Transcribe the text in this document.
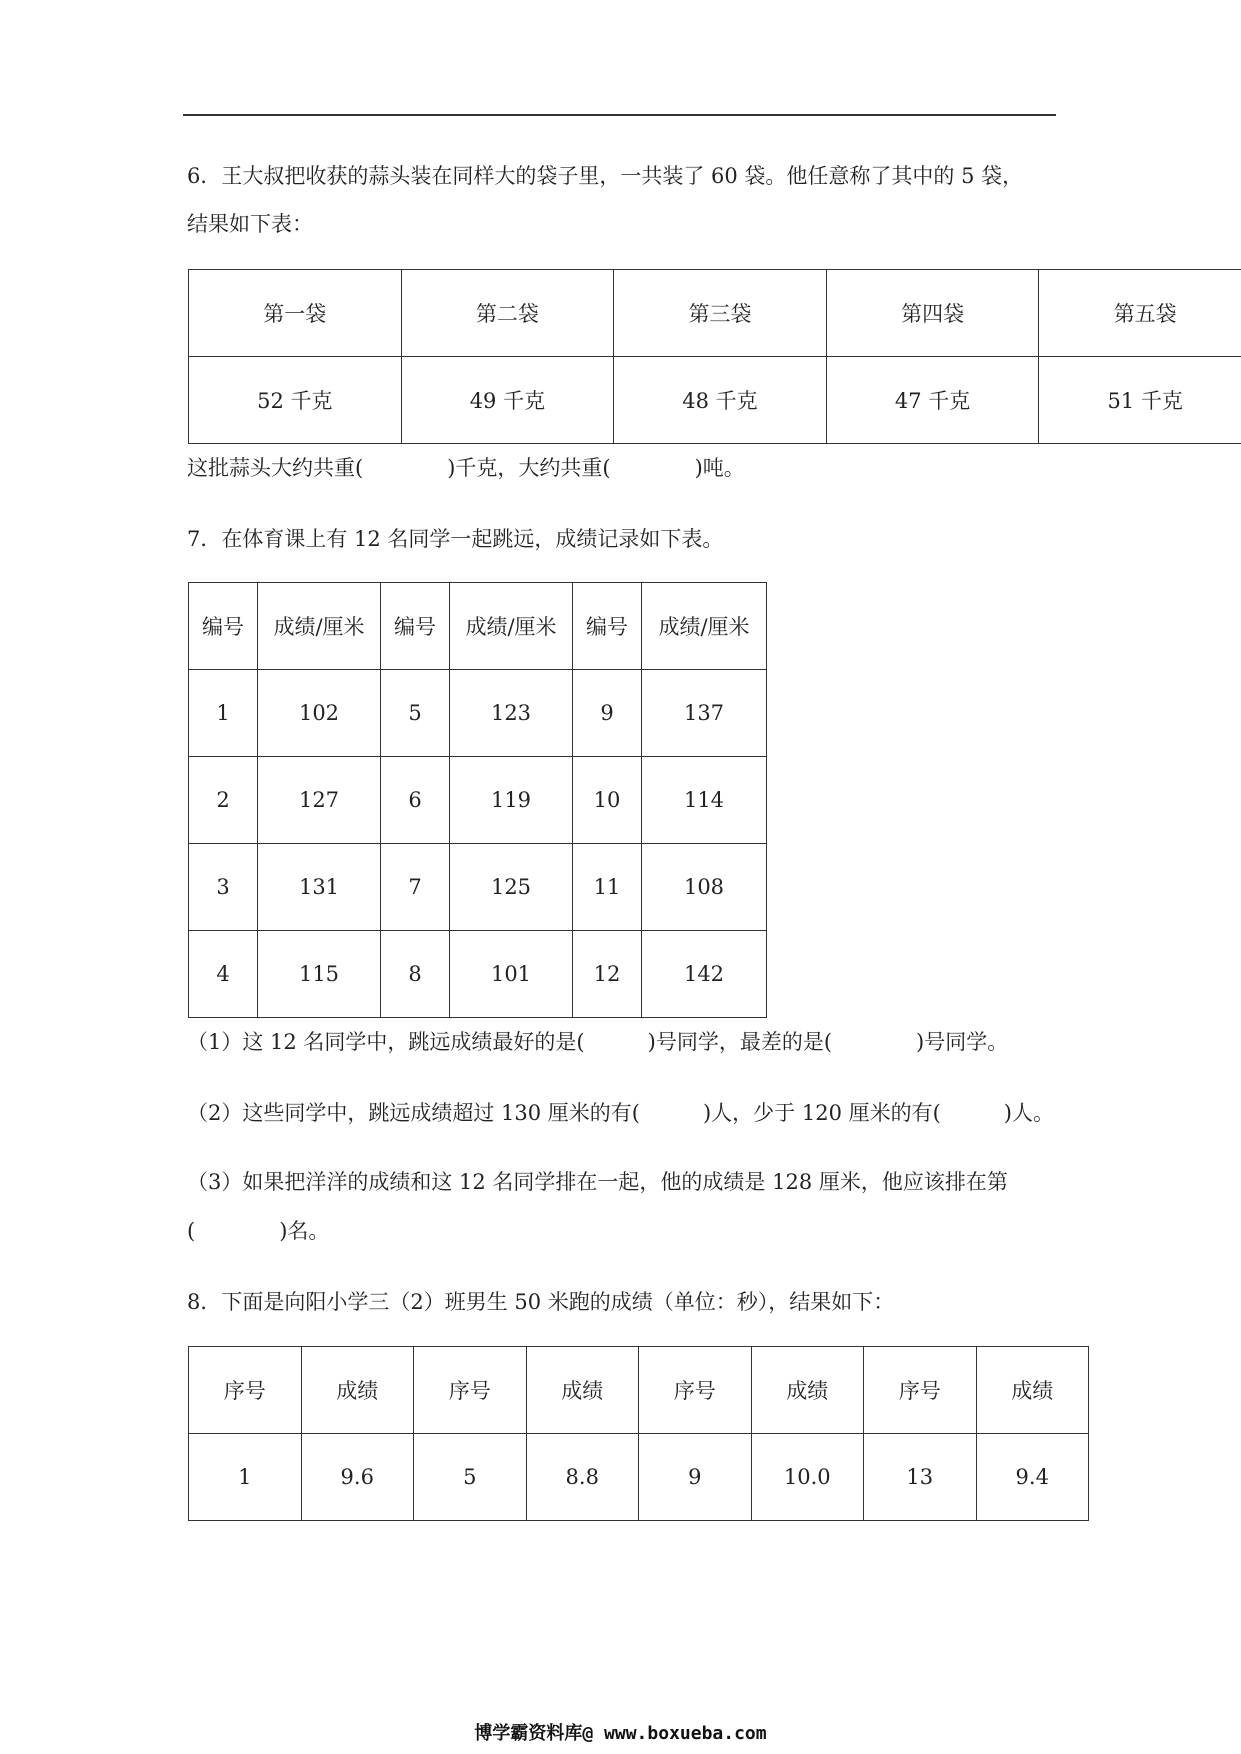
6．王大叔把收获的蒜头装在同样大的袋子里，一共装了 60 袋。他任意称了其中的 5 袋，
结果如下表：
第一袋	第二袋	第三袋	第四袋	第五袋
52 千克	49 千克	48 千克	47 千克	51 千克
这批蒜头大约共重(　　　　)千克，大约共重(　　　　)吨。
7．在体育课上有 12 名同学一起跳远，成绩记录如下表。
编号	成绩/厘米	编号	成绩/厘米	编号	成绩/厘米
1	102	5	123	9	137
2	127	6	119	10	114
3	131	7	125	11	108
4	115	8	101	12	142
（1）这 12 名同学中，跳远成绩最好的是(　　　)号同学，最差的是(　　　　)号同学。
（2）这些同学中，跳远成绩超过 130 厘米的有(　　　)人，少于 120 厘米的有(　　　)人。
（3）如果把洋洋的成绩和这 12 名同学排在一起，他的成绩是 128 厘米，他应该排在第
(　　　　)名。
8．下面是向阳小学三（2）班男生 50 米跑的成绩（单位：秒），结果如下：
序号	成绩	序号	成绩	序号	成绩	序号	成绩
1	9.6	5	8.8	9	10.0	13	9.4
博学霸资料库@ www.boxueba.com
